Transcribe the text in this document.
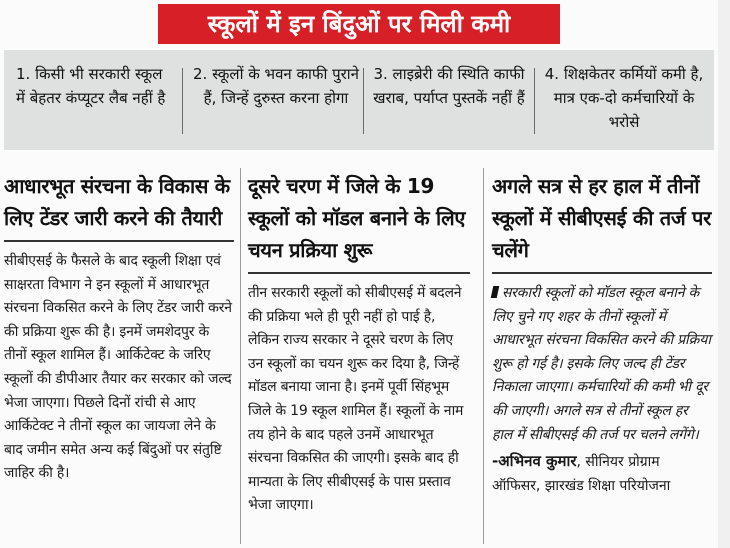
स्कूलों में इन बिंदुओं पर मिली कमी
1. किसी भी सरकारी स्कूल में बेहतर कंप्यूटर लैब नहीं है
2. स्कूलों के भवन काफी पुराने हैं, जिन्हें दुरुस्त करना होगा
3. लाइब्रेरी की स्थिति काफी खराब, पर्याप्त पुस्तकें नहीं हैं
4. शिक्षकेतर कर्मियों कमी है, मात्र एक-दो कर्मचारियों के भरोसे
आधारभूत संरचना के विकास के लिए टेंडर जारी करने की तैयारी

सीबीएसई के फैसले के बाद स्कूली शिक्षा एवं साक्षरता विभाग ने इन स्कूलों में आधारभूत संरचना विकसित करने के लिए टेंडर जारी करने की प्रक्रिया शुरू की है। इनमें जमशेदपुर के तीनों स्कूल शामिल हैं। आर्किटेक्ट के जरिए स्कूलों की डीपीआर तैयार कर सरकार को जल्द भेजा जाएगा। पिछले दिनों रांची से आए आर्किटेक्ट ने तीनों स्कूल का जायजा लेने के बाद जमीन समेत अन्य कई बिंदुओं पर संतुष्टि जाहिर की है।

दूसरे चरण में जिले के 19 स्कूलों को मॉडल बनाने के लिए चयन प्रक्रिया शुरू

तीन सरकारी स्कूलों को सीबीएसई में बदलने की प्रक्रिया भले ही पूरी नहीं हो पाई है, लेकिन राज्य सरकार ने दूसरे चरण के लिए उन स्कूलों का चयन शुरू कर दिया है, जिन्हें मॉडल बनाया जाना है। इनमें पूर्वी सिंहभूम जिले के 19 स्कूल शामिल हैं। स्कूलों के नाम तय होने के बाद पहले उनमें आधारभूत संरचना विकसित की जाएगी। इसके बाद ही मान्यता के लिए सीबीएसई के पास प्रस्ताव भेजा जाएगा।

अगले सत्र से हर हाल में तीनों स्कूलों में सीबीएसई की तर्ज पर चलेंगे

सरकारी स्कूलों को मॉडल स्कूल बनाने के लिए चुने गए शहर के तीनों स्कूलों में आधारभूत संरचना विकसित करने की प्रक्रिया शुरू हो गई है। इसके लिए जल्द ही टेंडर निकाला जाएगा। कर्मचारियों की कमी भी दूर की जाएगी। अगले सत्र से तीनों स्कूल हर हाल में सीबीएसई की तर्ज पर चलने लगेंगे।

-अभिनव कुमार, सीनियर प्रोग्राम ऑफिसर, झारखंड शिक्षा परियोजना
